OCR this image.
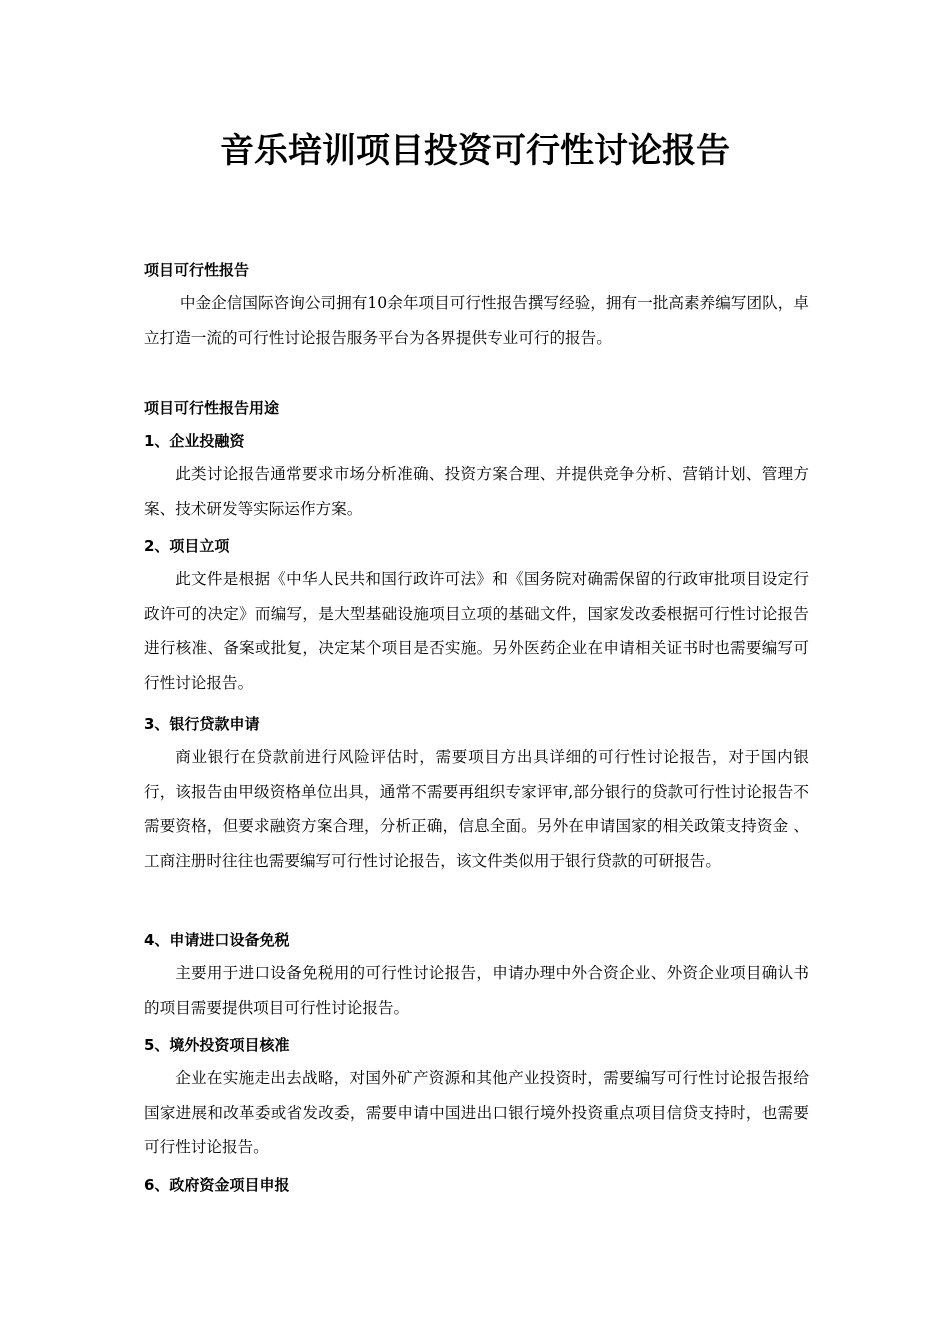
音乐培训项目投资可行性讨论报告
项目可行性报告
中金企信国际咨询公司拥有10余年项目可行性报告撰写经验，拥有一批高素养编写团队，卓立打造一流的可行性讨论报告服务平台为各界提供专业可行的报告。
项目可行性报告用途
1、企业投融资
此类讨论报告通常要求市场分析准确、投资方案合理、并提供竞争分析、营销计划、管理方案、技术研发等实际运作方案。
2、项目立项
此文件是根据《中华人民共和国行政许可法》和《国务院对确需保留的行政审批项目设定行政许可的决定》而编写，是大型基础设施项目立项的基础文件，国家发改委根据可行性讨论报告进行核准、备案或批复，决定某个项目是否实施。另外医药企业在申请相关证书时也需要编写可行性讨论报告。
3、银行贷款申请
商业银行在贷款前进行风险评估时，需要项目方出具详细的可行性讨论报告，对于国内银行，该报告由甲级资格单位出具，通常不需要再组织专家评审,部分银行的贷款可行性讨论报告不需要资格，但要求融资方案合理，分析正确，信息全面。另外在申请国家的相关政策支持资金 、工商注册时往往也需要编写可行性讨论报告，该文件类似用于银行贷款的可研报告。
4、申请进口设备免税
主要用于进口设备免税用的可行性讨论报告，申请办理中外合资企业、外资企业项目确认书的项目需要提供项目可行性讨论报告。
5、境外投资项目核准
企业在实施走出去战略，对国外矿产资源和其他产业投资时，需要编写可行性讨论报告报给国家进展和改革委或省发改委，需要申请中国进出口银行境外投资重点项目信贷支持时，也需要可行性讨论报告。
6、政府资金项目申报
